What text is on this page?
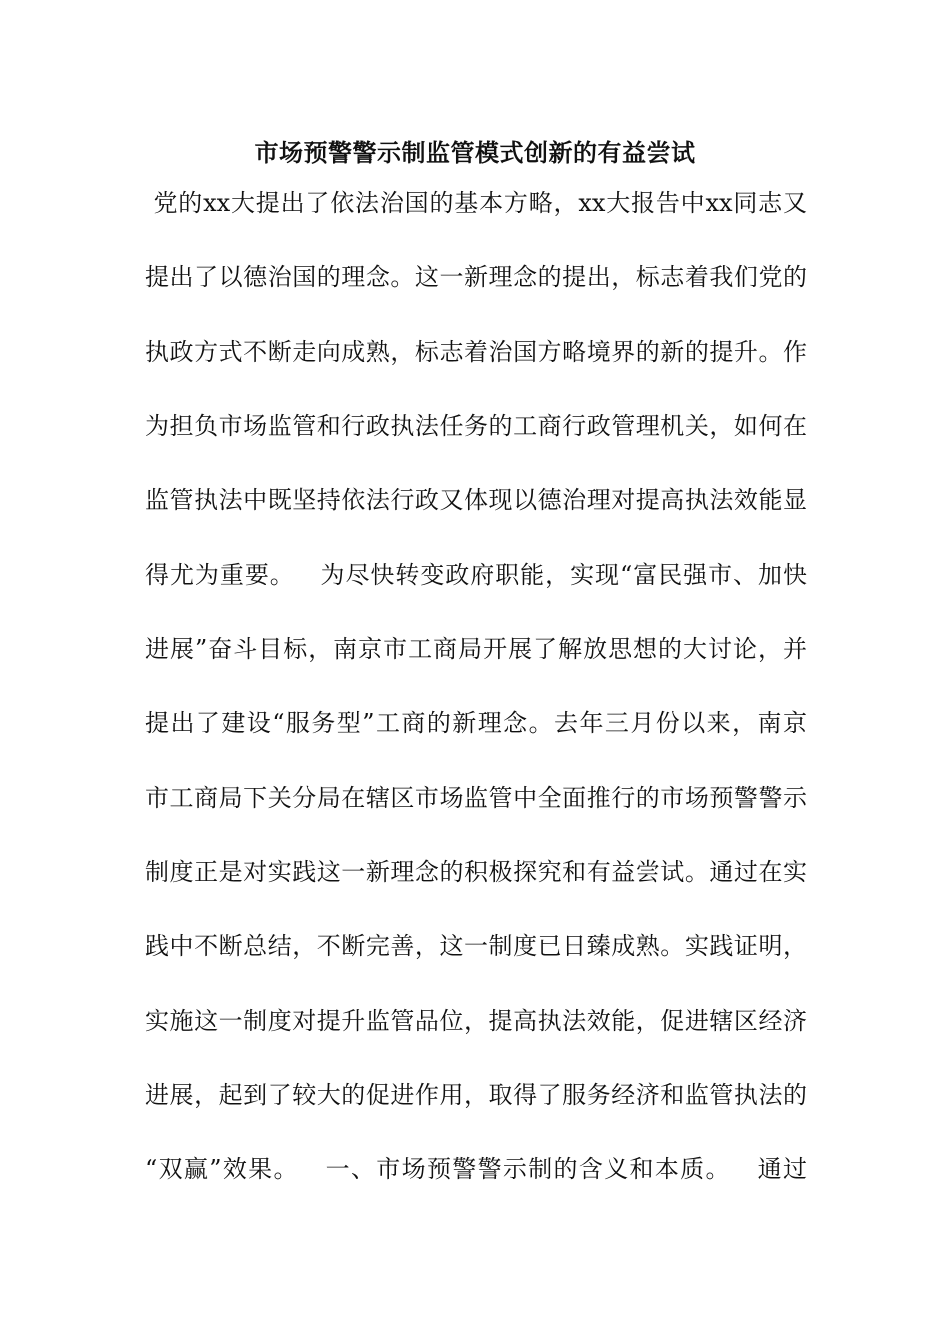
市场预警警示制监管模式创新的有益尝试
党的xx大提出了依法治国的基本方略，xx大报告中xx同志又
提出了以德治国的理念。这一新理念的提出，标志着我们党的
执政方式不断走向成熟，标志着治国方略境界的新的提升。作
为担负市场监管和行政执法任务的工商行政管理机关，如何在
监管执法中既坚持依法行政又体现以德治理对提高执法效能显
得尤为重要。   为尽快转变政府职能，实现“富民强市、加快
进展”奋斗目标，南京市工商局开展了解放思想的大讨论，并
提出了建设“服务型”工商的新理念。去年三月份以来，南京
市工商局下关分局在辖区市场监管中全面推行的市场预警警示
制度正是对实践这一新理念的积极探究和有益尝试。通过在实
践中不断总结，不断完善，这一制度已日臻成熟。实践证明，
实施这一制度对提升监管品位，提高执法效能，促进辖区经济
进展，起到了较大的促进作用，取得了服务经济和监管执法的
“双赢”效果。   一、市场预警警示制的含义和本质。   通过
